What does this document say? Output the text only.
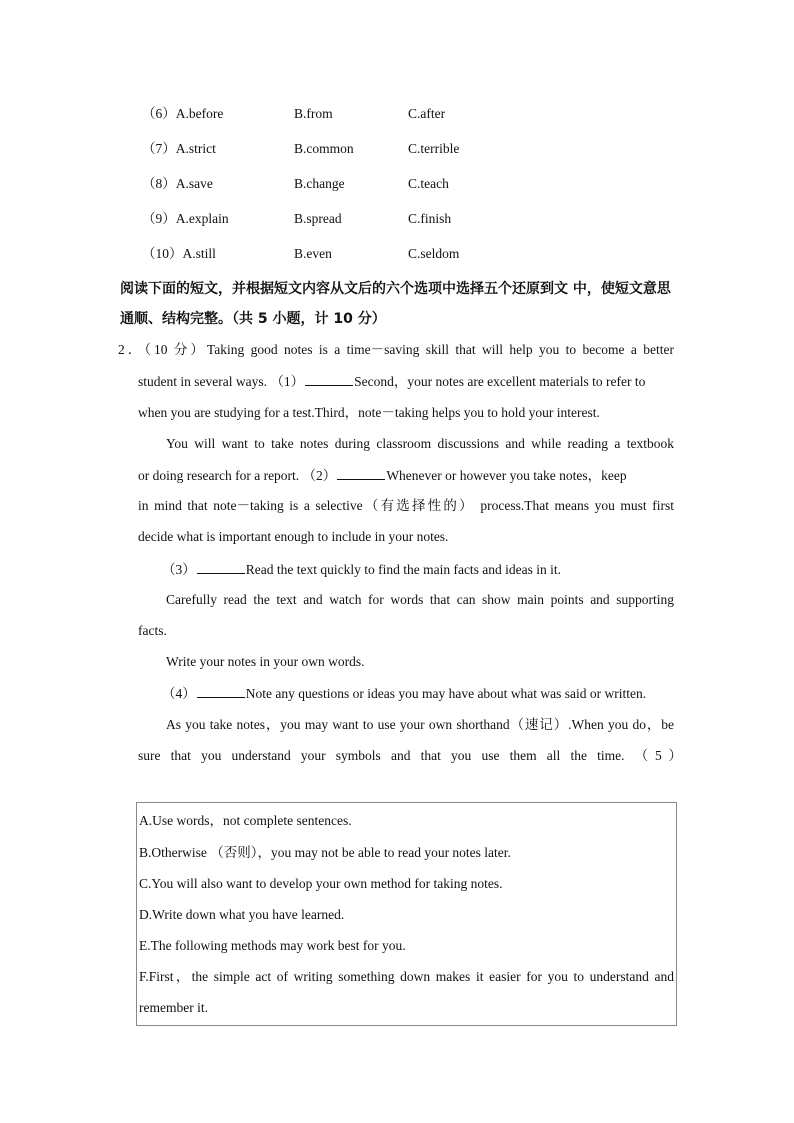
（6）A.before	B.from	C.after
（7）A.strict	B.common	C.terrible
（8）A.save	B.change	C.teach
（9）A.explain	B.spread	C.finish
（10）A.still	B.even	C.seldom
阅读下面的短文，并根据短文内容从文后的六个选项中选择五个还原到文 中，使短文意思
通顺、结构完整。（共 5 小题，计 10 分）
2．（10 分）Taking good notes is a time－saving skill that will help you to become a better
student in several ways. （1）	Second，your notes are excellent materials to refer to
when you are studying for a test.Third，note－taking helps you to hold your interest.
You will want to take notes during classroom discussions and while reading a textbook
or doing research for a report. （2）	Whenever or however you take notes，keep
in mind that note－taking is a selective（有选择性的） process.That means you must first
decide what is important enough to include in your notes.
（3）	Read the text quickly to find the main facts and ideas in it.
Carefully read the text and watch for words that can show main points and supporting
facts.
Write your notes in your own words.
（4）	Note any questions or ideas you may have about what was said or written.
As you take notes，you may want to use your own shorthand（速记）.When you do，be
sure that you understand your symbols and that you use them all the time. （5）
A.Use words，not complete sentences.
B.Otherwise （否则），you may not be able to read your notes later.
C.You will also want to develop your own method for taking notes.
D.Write down what you have learned.
E.The following methods may work best for you.
F.First，the simple act of writing something down makes it easier for you to understand and
remember it.
